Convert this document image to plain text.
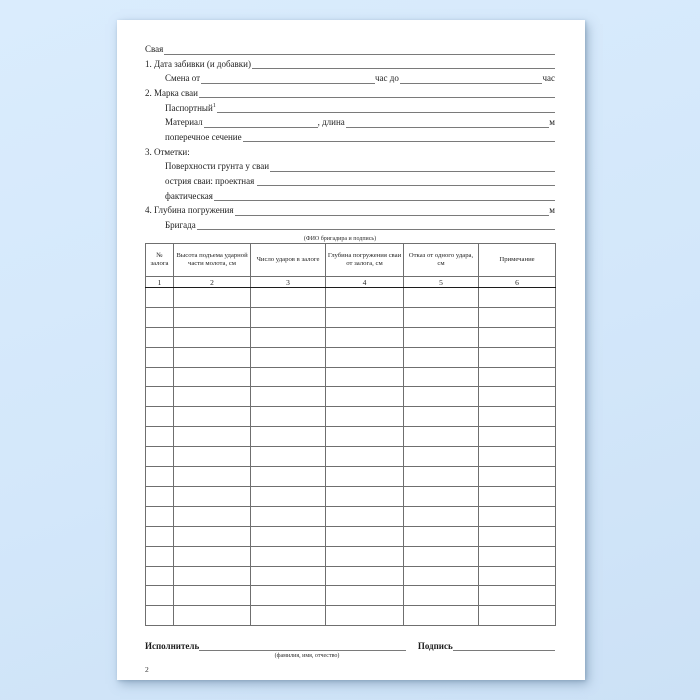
Свая
1. Дата забивки (и добавки)
Смена от	час до	час
2. Марка сваи
Паспортный$^1$
Материал	, длина	м
поперечное сечение
3. Отметки:
Поверхности грунта у сваи
острия сваи: проектная
фактическая
4. Глубина погружения	м
Бригада
(ФИО бригадира и подпись)
№ залога	Высота подъема ударной части молота, см	Число ударов в залоге	Глубина погружения сваи от залога, см	Отказ от одного удара, см	Примечание
1	2	3	4	5	6

Исполнитель	Подпись
(фамилия, имя, отчество)
2
